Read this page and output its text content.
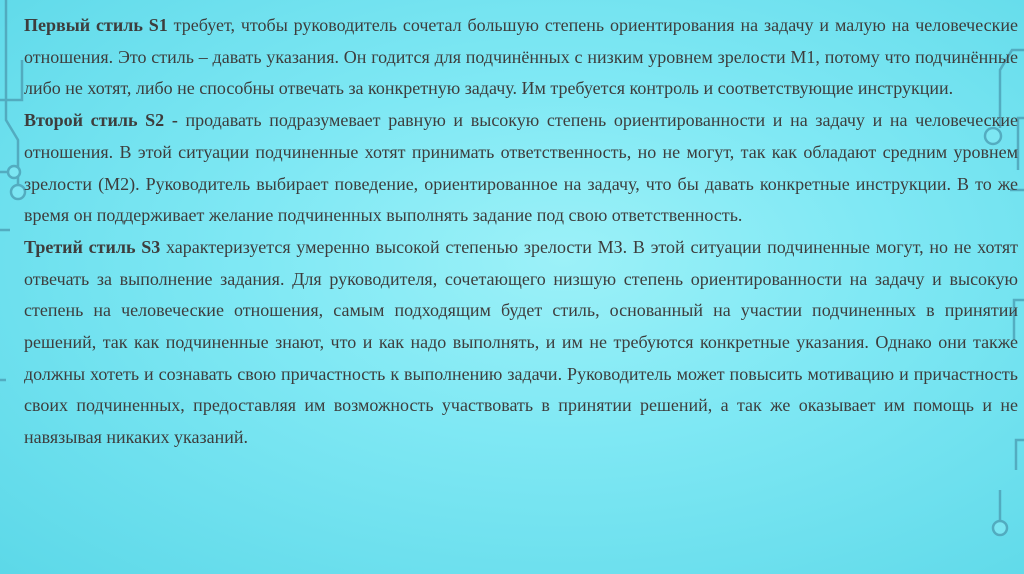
Первый стиль S1 требует, чтобы руководитель сочетал большую степень ориентирования на задачу и малую на человеческие отношения. Это стиль – давать указания. Он годится для подчинённых с низким уровнем зрелости М1, потому что подчинённые либо не хотят, либо не способны отвечать за конкретную задачу. Им требуется контроль и соответствующие инструкции.

Второй стиль S2 - продавать подразумевает равную и высокую степень ориентированности и на задачу и на человеческие отношения. В этой ситуации подчиненные хотят принимать ответственность, но не могут, так как обладают средним уровнем зрелости (М2). Руководитель выбирает поведение, ориентированное на задачу, что бы давать конкретные инструкции. В то же время он поддерживает желание подчиненных выполнять задание под свою ответственность.

Третий стиль S3 характеризуется умеренно высокой степенью зрелости МЗ. В этой ситуации подчиненные могут, но не хотят отвечать за выполнение задания. Для руководителя, сочетающего низшую степень ориентированности на задачу и высокую степень на человеческие отношения, самым подходящим будет стиль, основанный на участии подчиненных в принятии решений, так как подчиненные знают, что и как надо выполнять, и им не требуются конкретные указания. Однако они также должны хотеть и сознавать свою причастность к выполнению задачи. Руководитель может повысить мотивацию и причастность своих подчиненных, предоставляя им возможность участвовать в принятии решений, а так же оказывает им помощь и не навязывая никаких указаний.
